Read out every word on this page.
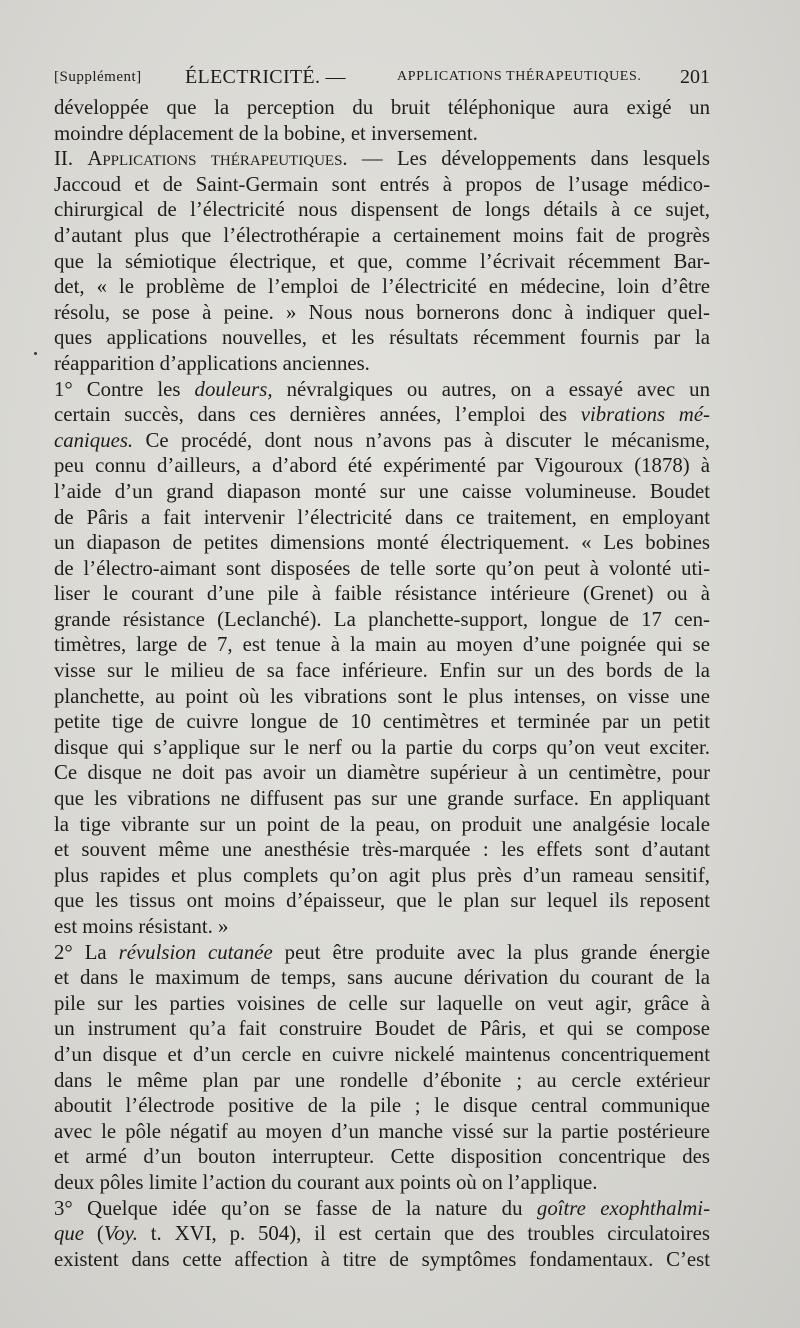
[Supplément] ÉLECTRICITÉ. —	APPLICATIONS THÉRAPEUTIQUES. 201
développée que la perception du bruit téléphonique aura exigé un
moindre déplacement de la bobine, et inversement.
II. Applications thérapeutiques. — Les développements dans lesquels
Jaccoud et de Saint-Germain sont entrés à propos de l’usage médico-
chirurgical de l’électricité nous dispensent de longs détails à ce sujet,
d’autant plus que l’électrothérapie a certainement moins fait de progrès
que la sémiotique électrique, et que, comme l’écrivait récemment Bar-
det, « le problème de l’emploi de l’électricité en médecine, loin d’être
résolu, se pose à peine. » Nous nous bornerons donc à indiquer quel-
ques applications nouvelles, et les résultats récemment fournis par la
réapparition d’applications anciennes.
1° Contre les douleurs, névralgiques ou autres, on a essayé avec un
certain succès, dans ces dernières années, l’emploi des vibrations mé-
caniques. Ce procédé, dont nous n’avons pas à discuter le mécanisme,
peu connu d’ailleurs, a d’abord été expérimenté par Vigouroux (1878) à
l’aide d’un grand diapason monté sur une caisse volumineuse. Boudet
de Pâris a fait intervenir l’électricité dans ce traitement, en employant
un diapason de petites dimensions monté électriquement. « Les bobines
de l’électro-aimant sont disposées de telle sorte qu’on peut à volonté uti-
liser le courant d’une pile à faible résistance intérieure (Grenet) ou à
grande résistance (Leclanché). La planchette-support, longue de 17 cen-
timètres, large de 7, est tenue à la main au moyen d’une poignée qui se
visse sur le milieu de sa face inférieure. Enfin sur un des bords de la
planchette, au point où les vibrations sont le plus intenses, on visse une
petite tige de cuivre longue de 10 centimètres et terminée par un petit
disque qui s’applique sur le nerf ou la partie du corps qu’on veut exciter.
Ce disque ne doit pas avoir un diamètre supérieur à un centimètre, pour
que les vibrations ne diffusent pas sur une grande surface. En appliquant
la tige vibrante sur un point de la peau, on produit une analgésie locale
et souvent même une anesthésie très-marquée : les effets sont d’autant
plus rapides et plus complets qu’on agit plus près d’un rameau sensitif,
que les tissus ont moins d’épaisseur, que le plan sur lequel ils reposent
est moins résistant. »
2° La révulsion cutanée peut être produite avec la plus grande énergie
et dans le maximum de temps, sans aucune dérivation du courant de la
pile sur les parties voisines de celle sur laquelle on veut agir, grâce à
un instrument qu’a fait construire Boudet de Pâris, et qui se compose
d’un disque et d’un cercle en cuivre nickelé maintenus concentriquement
dans le même plan par une rondelle d’ébonite ; au cercle extérieur
aboutit l’électrode positive de la pile ; le disque central communique
avec le pôle négatif au moyen d’un manche vissé sur la partie postérieure
et armé d’un bouton interrupteur. Cette disposition concentrique des
deux pôles limite l’action du courant aux points où on l’applique.
3° Quelque idée qu’on se fasse de la nature du goître exophthalmi-
que (Voy. t. XVI, p. 504), il est certain que des troubles circulatoires
existent dans cette affection à titre de symptômes fondamentaux. C’est
